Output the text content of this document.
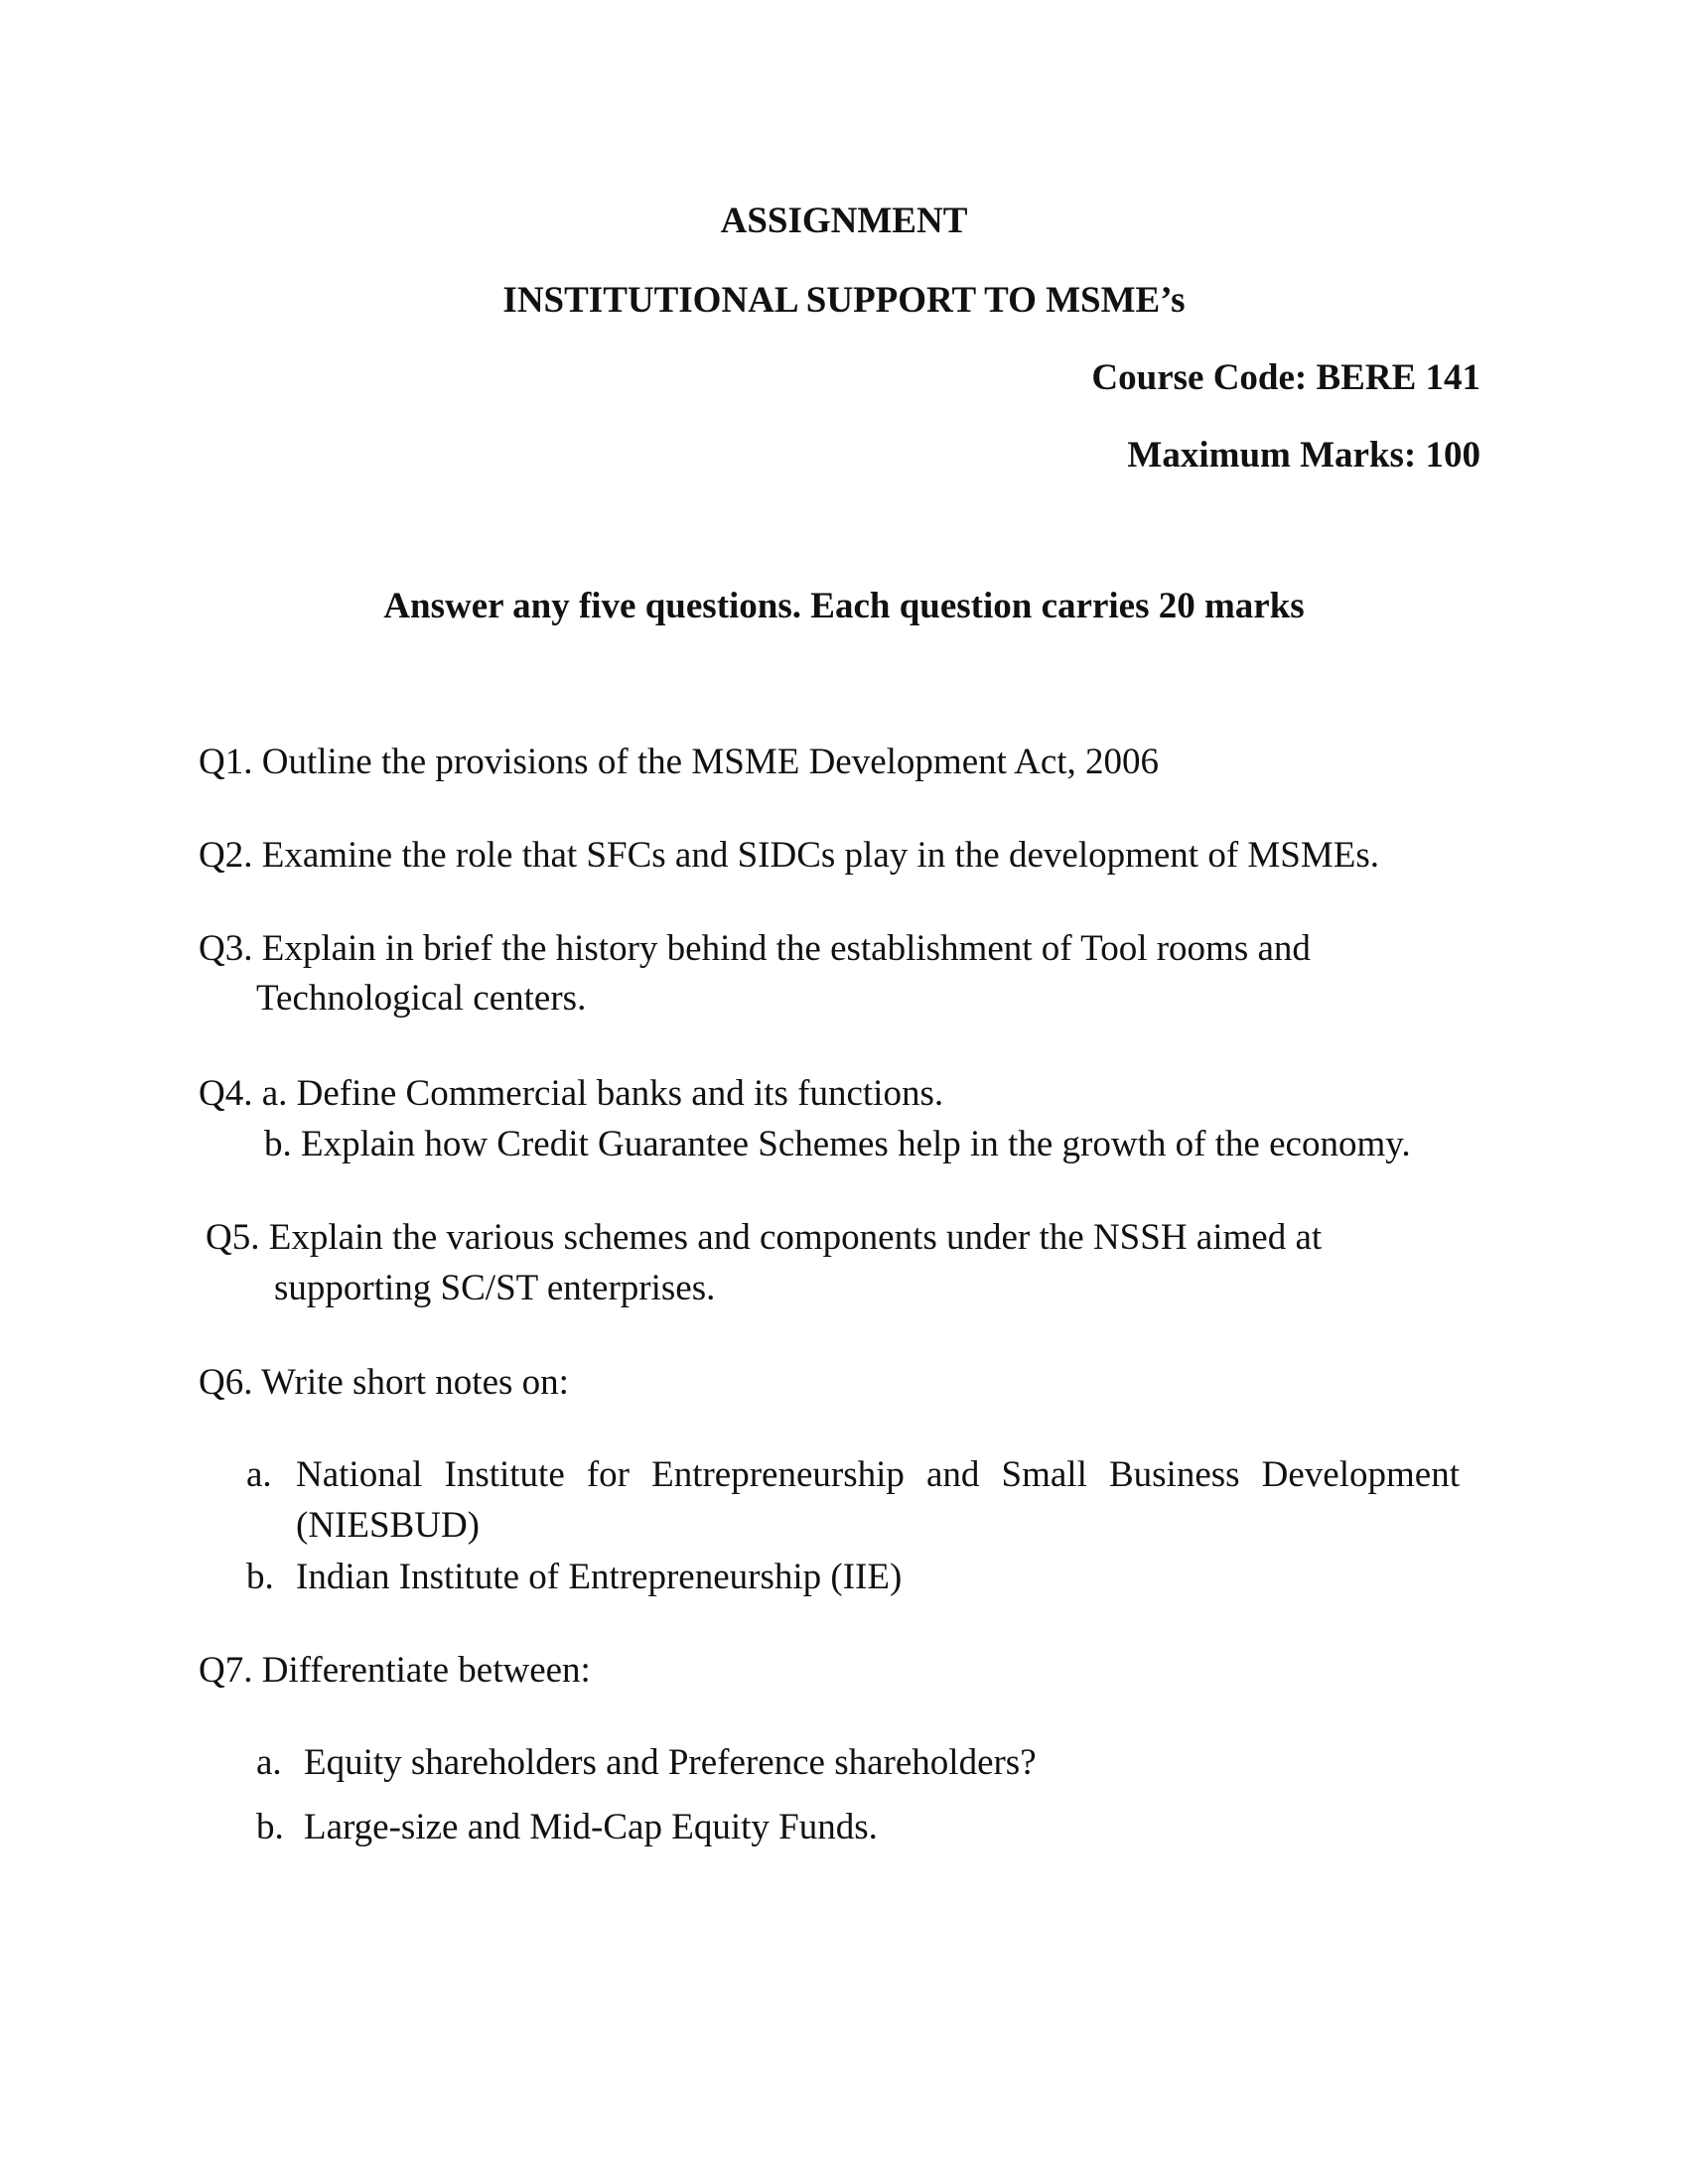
ASSIGNMENT
INSTITUTIONAL SUPPORT TO MSME’s
Course Code: BERE 141
Maximum Marks: 100
Answer any five questions. Each question carries 20 marks
Q1. Outline the provisions of the MSME Development Act, 2006
Q2. Examine the role that SFCs and SIDCs play in the development of MSMEs.
Q3. Explain in brief the history behind the establishment of Tool rooms and
Technological centers.
Q4. a. Define Commercial banks and its functions.
b. Explain how Credit Guarantee Schemes help in the growth of the economy.
Q5. Explain the various schemes and components under the NSSH aimed at
supporting SC/ST enterprises.
Q6. Write short notes on:
a. National Institute for Entrepreneurship and Small Business Development
(NIESBUD)
b. Indian Institute of Entrepreneurship (IIE)
Q7. Differentiate between:
a. Equity shareholders and Preference shareholders?
b. Large-size and Mid-Cap Equity Funds.
